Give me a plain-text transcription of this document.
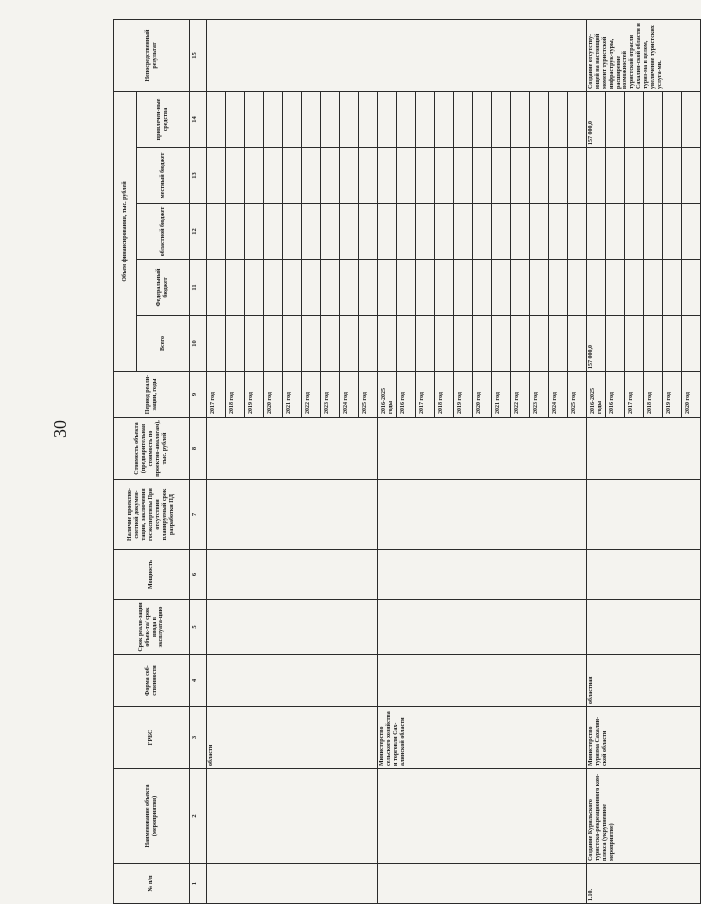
30
№ п/п	Наименование объекта (мероприятия)	ГРБС	Форма соб-ственности	Срок реали-зации объек-та/ срок ввода в эксплуата-цию	Мощность	Наличие проектно-сметной докумен-тации, заключения госэкспертизы При отсутствии планируемый срок разработки ПД	Стоимость объекта (предварительная стоимость по проектно-аналогам), тыс. рублей	Период реали-зации, годы	Объем финансирования, тыс. рублей					Непосредственный результат
									Всего	Федеральный бюджет	областной бюджет	местный бюджет	привлечен-ные средства	
1	2	3	4	5	6	7	8	9	10	11	12	13	14	15
		области						2017 год						
								2018 год						
								2019 год						
								2020 год						
								2021 год						
								2022 год						
								2023 год						
								2024 год						
								2025 год						
		Министерство сельского хозяйства и торговли Сах-алинской области						2016-2025 годы						
								2016 год						
								2017 год						
								2018 год						
								2019 год						
								2020 год						
								2021 год						
								2022 год						
								2023 год						
								2024 год						
								2025 год						
1.10.	Создание Курильского туристско-рекреационного ком-плекса (укрупненное мероприятие)	Министерство туризма Сахалин-ской области	областная					2016-2025 годы	157 000,0				157 000,0	Создание отсутству-ющей на настоящий момент туристской инфраструк-туры, расширение возможностей туристской отрасли Сахалин-ской области и туриз-ма в целом, увеличение туристских услуга-ми.
								2016 год						
								2017 год						
								2018 год						
								2019 год						
								2020 год						
